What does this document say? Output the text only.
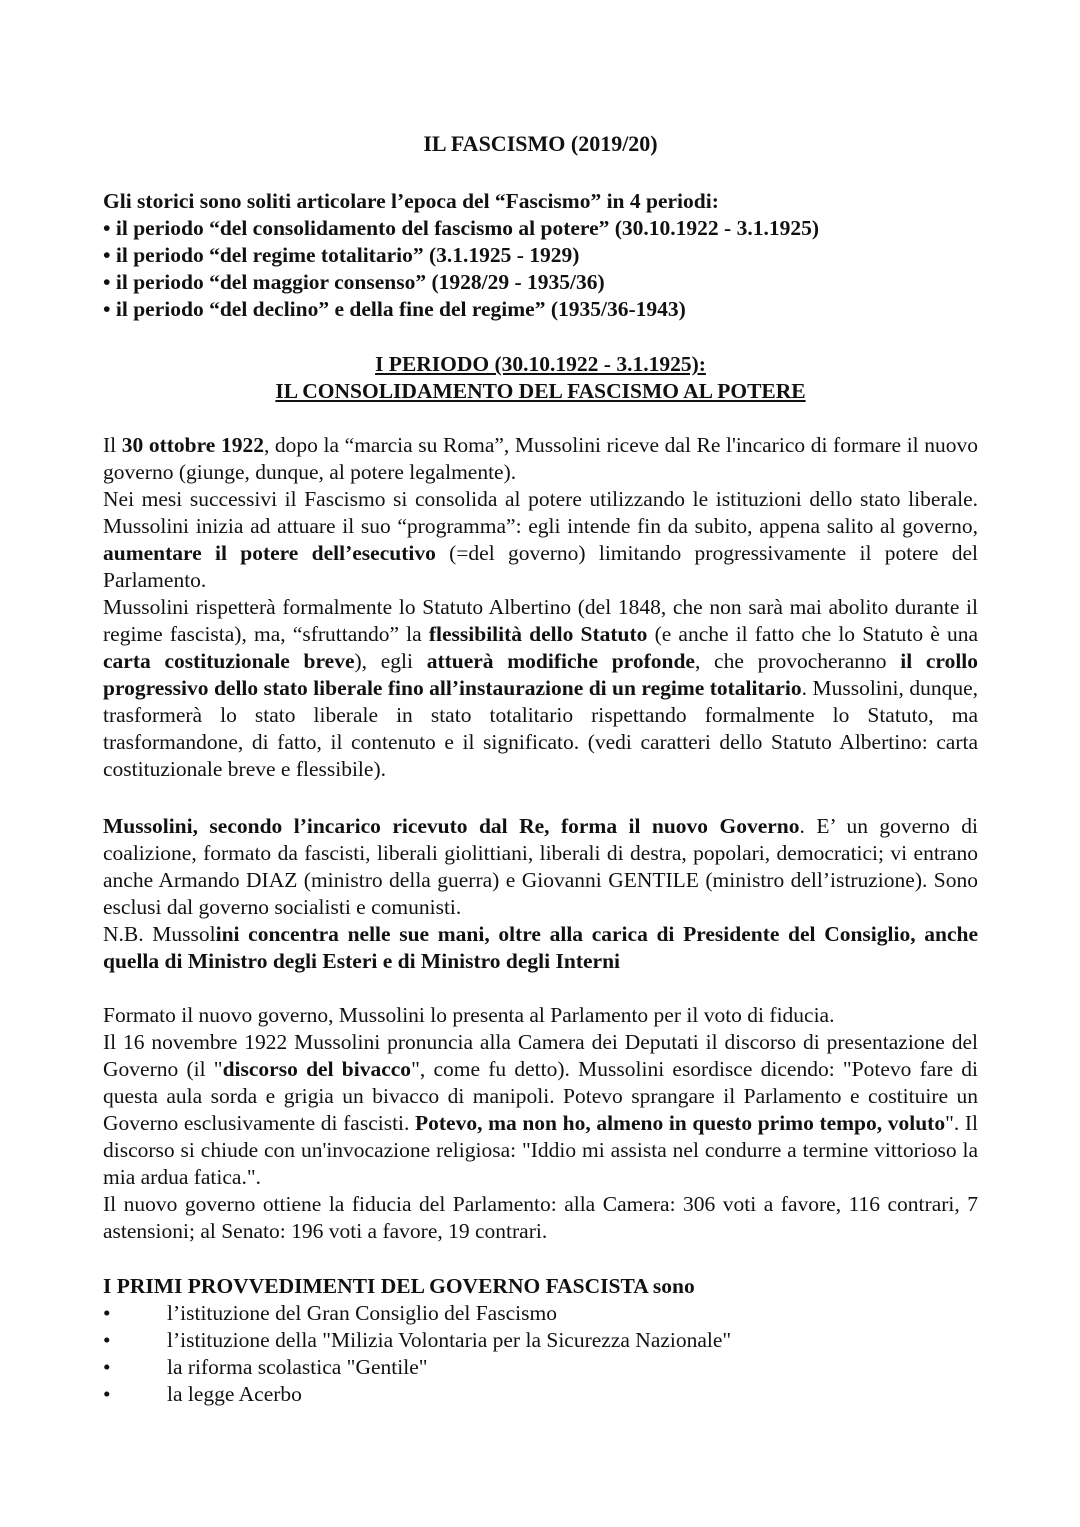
IL FASCISMO (2019/20)
Gli storici sono soliti articolare l’epoca del “Fascismo” in 4 periodi:
• il periodo “del consolidamento del fascismo al potere” (30.10.1922 - 3.1.1925)
• il periodo “del regime totalitario” (3.1.1925 - 1929)
• il periodo “del maggior consenso” (1928/29 - 1935/36)
• il periodo “del declino” e della fine del regime” (1935/36-1943)
I PERIODO (30.10.1922 - 3.1.1925):
IL CONSOLIDAMENTO DEL FASCISMO AL POTERE

Il 30 ottobre 1922, dopo la “marcia su Roma”, Mussolini riceve dal Re l'incarico di formare il nuovo governo (giunge, dunque, al potere legalmente).

Nei mesi successivi il Fascismo si consolida al potere utilizzando le istituzioni dello stato liberale. Mussolini inizia ad attuare il suo “programma”: egli intende fin da subito, appena salito al governo, aumentare il potere dell’esecutivo (=del governo) limitando progressivamente il potere del Parlamento.

Mussolini rispetterà formalmente lo Statuto Albertino (del 1848, che non sarà mai abolito durante il regime fascista), ma, “sfruttando” la flessibilità dello Statuto (e anche il fatto che lo Statuto è una carta costituzionale breve), egli attuerà modifiche profonde, che provocheranno il crollo progressivo dello stato liberale fino all’instaurazione di un regime totalitario. Mussolini, dunque, trasformerà lo stato liberale in stato totalitario rispettando formalmente lo Statuto, ma trasformandone, di fatto, il contenuto e il significato. (vedi caratteri dello Statuto Albertino: carta costituzionale breve e flessibile).

Mussolini, secondo l’incarico ricevuto dal Re, forma il nuovo Governo. E’ un governo di coalizione, formato da fascisti, liberali giolittiani, liberali di destra, popolari, democratici; vi entrano anche Armando DIAZ (ministro della guerra) e Giovanni GENTILE (ministro dell’istruzione). Sono esclusi dal governo socialisti e comunisti.

N.B. Mussolini concentra nelle sue mani, oltre alla carica di Presidente del Consiglio, anche quella di Ministro degli Esteri e di Ministro degli Interni

Formato il nuovo governo, Mussolini lo presenta al Parlamento per il voto di fiducia.

Il 16 novembre 1922 Mussolini pronuncia alla Camera dei Deputati il discorso di presentazione del Governo (il "discorso del bivacco", come fu detto). Mussolini esordisce dicendo: "Potevo fare di questa aula sorda e grigia un bivacco di manipoli. Potevo sprangare il Parlamento e costituire un Governo esclusivamente di fascisti. Potevo, ma non ho, almeno in questo primo tempo, voluto". Il discorso si chiude con un'invocazione religiosa: "Iddio mi assista nel condurre a termine vittorioso la mia ardua fatica.".

Il nuovo governo ottiene la fiducia del Parlamento: alla Camera: 306 voti a favore, 116 contrari, 7 astensioni; al Senato: 196 voti a favore, 19 contrari.

I PRIMI PROVVEDIMENTI DEL GOVERNO FASCISTA sono
•	l’istituzione del Gran Consiglio del Fascismo
•	l’istituzione della "Milizia Volontaria per la Sicurezza Nazionale"
•	la riforma scolastica "Gentile"
•	la legge Acerbo
